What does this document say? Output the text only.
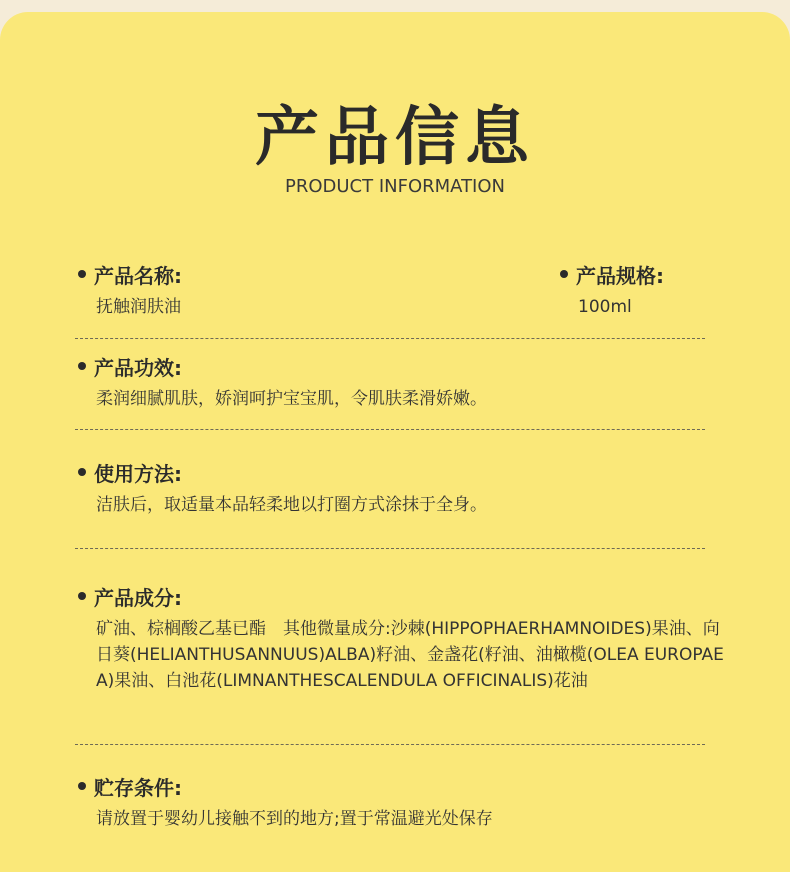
产品信息
PRODUCT INFORMATION
产品名称:
抚触润肤油
产品规格:
100ml
产品功效:
柔润细腻肌肤，娇润呵护宝宝肌，令肌肤柔滑娇嫩。
使用方法:
洁肤后，取适量本品轻柔地以打圈方式涂抹于全身。
产品成分:
矿油、棕榈酸乙基已酯　其他微量成分:沙棘(HIPPOPHAERHAMNOIDES)果油、向日葵(HELIANTHUSANNUUS)ALBA)籽油、金盏花(籽油、油橄榄(OLEA EUROPAEA)果油、白池花(LIMNANTHESCALENDULA OFFICINALIS)花油
贮存条件:
请放置于婴幼儿接触不到的地方;置于常温避光处保存
